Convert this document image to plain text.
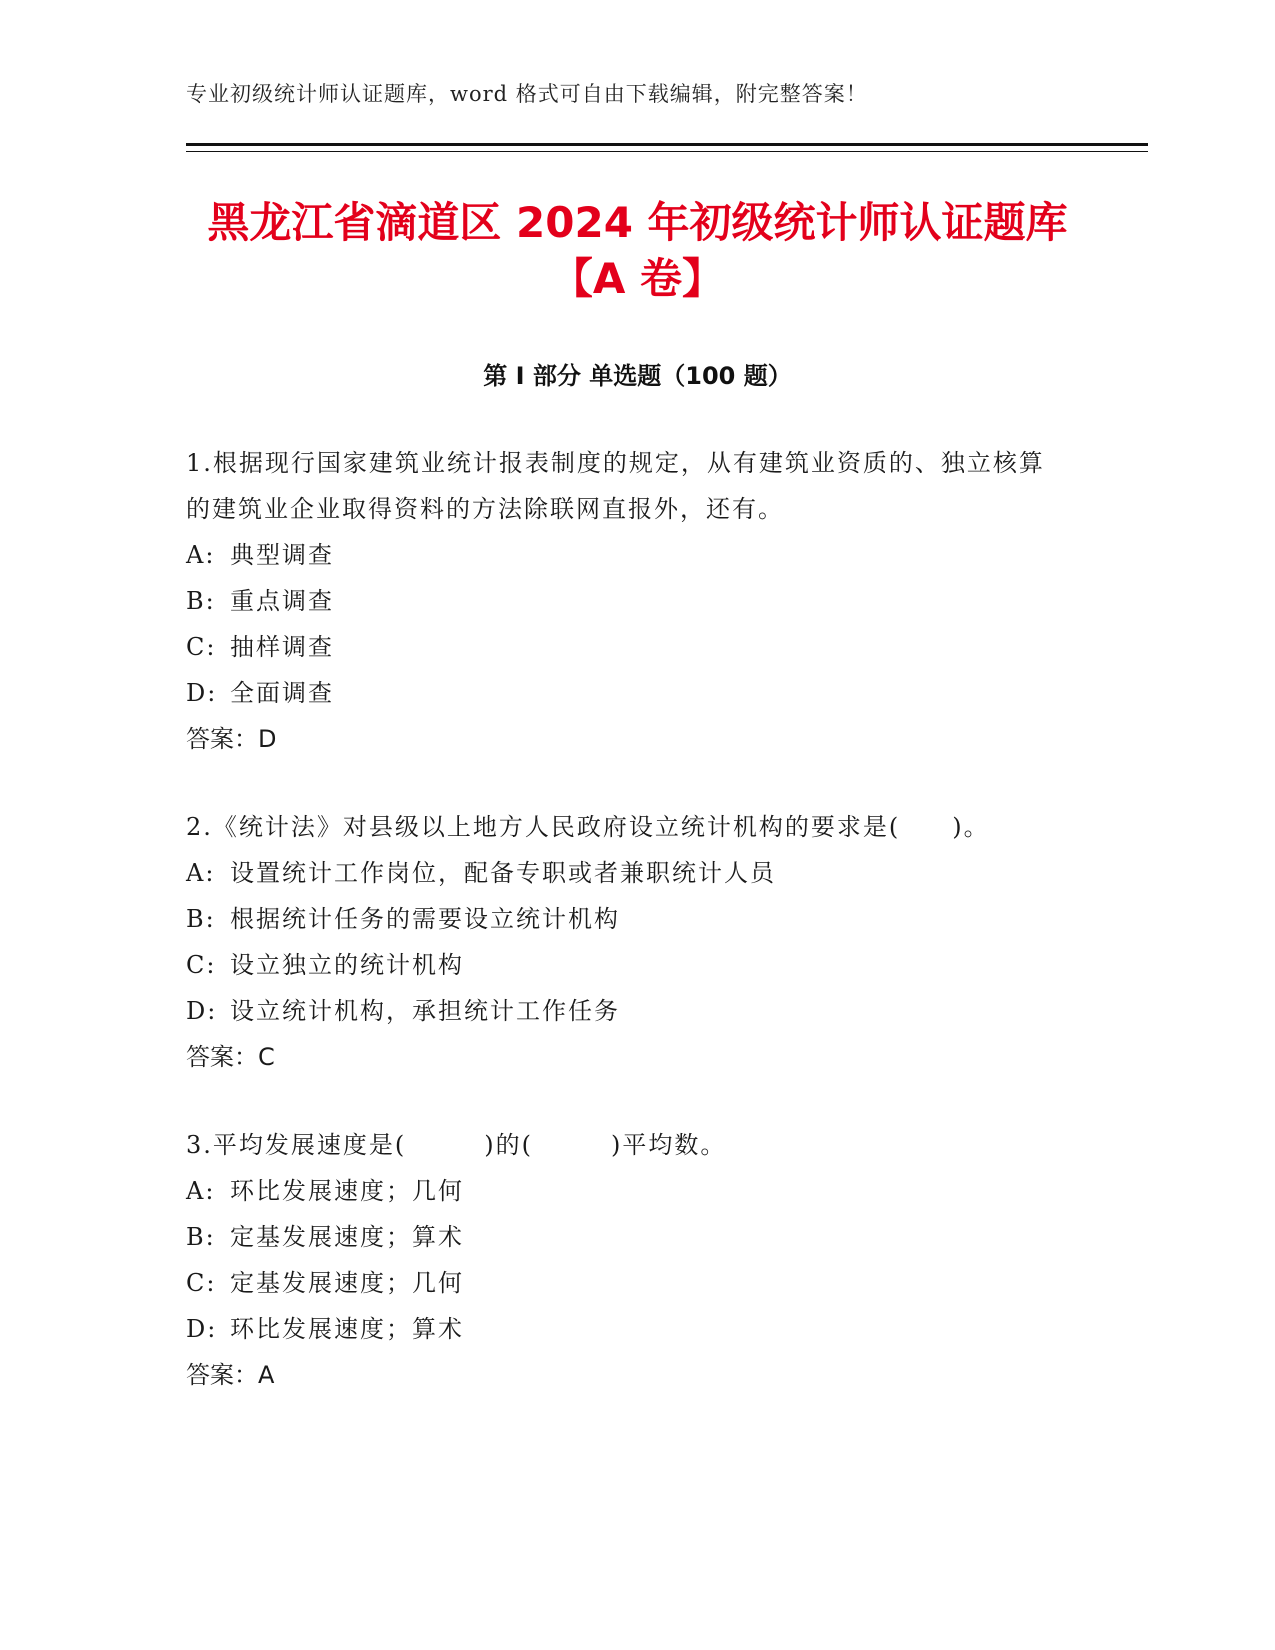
专业初级统计师认证题库，word 格式可自由下载编辑，附完整答案！
黑龙江省滴道区 2024 年初级统计师认证题库
【A 卷】
第 I 部分 单选题（100 题）

1.根据现行国家建筑业统计报表制度的规定，从有建筑业资质的、独立核算的建筑业企业取得资料的方法除联网直报外，还有。

A: 典型调查

B: 重点调查

C: 抽样调查

D: 全面调查

答案：D

2.《统计法》对县级以上地方人民政府设立统计机构的要求是(　　)。

A: 设置统计工作岗位，配备专职或者兼职统计人员

B: 根据统计任务的需要设立统计机构

C: 设立独立的统计机构

D: 设立统计机构，承担统计工作任务

答案：C

3.平均发展速度是(　　　)的(　　　)平均数。

A: 环比发展速度；几何

B: 定基发展速度；算术

C: 定基发展速度；几何

D: 环比发展速度；算术

答案：A
